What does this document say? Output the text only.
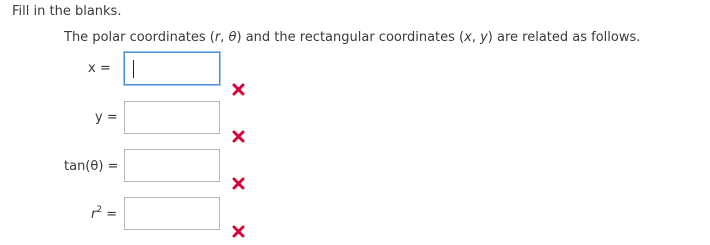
Fill in the blanks.
The polar coordinates (r, θ) and the rectangular coordinates (x, y) are related as follows.
x =
y =
tan(θ) =
$r^2$ =
